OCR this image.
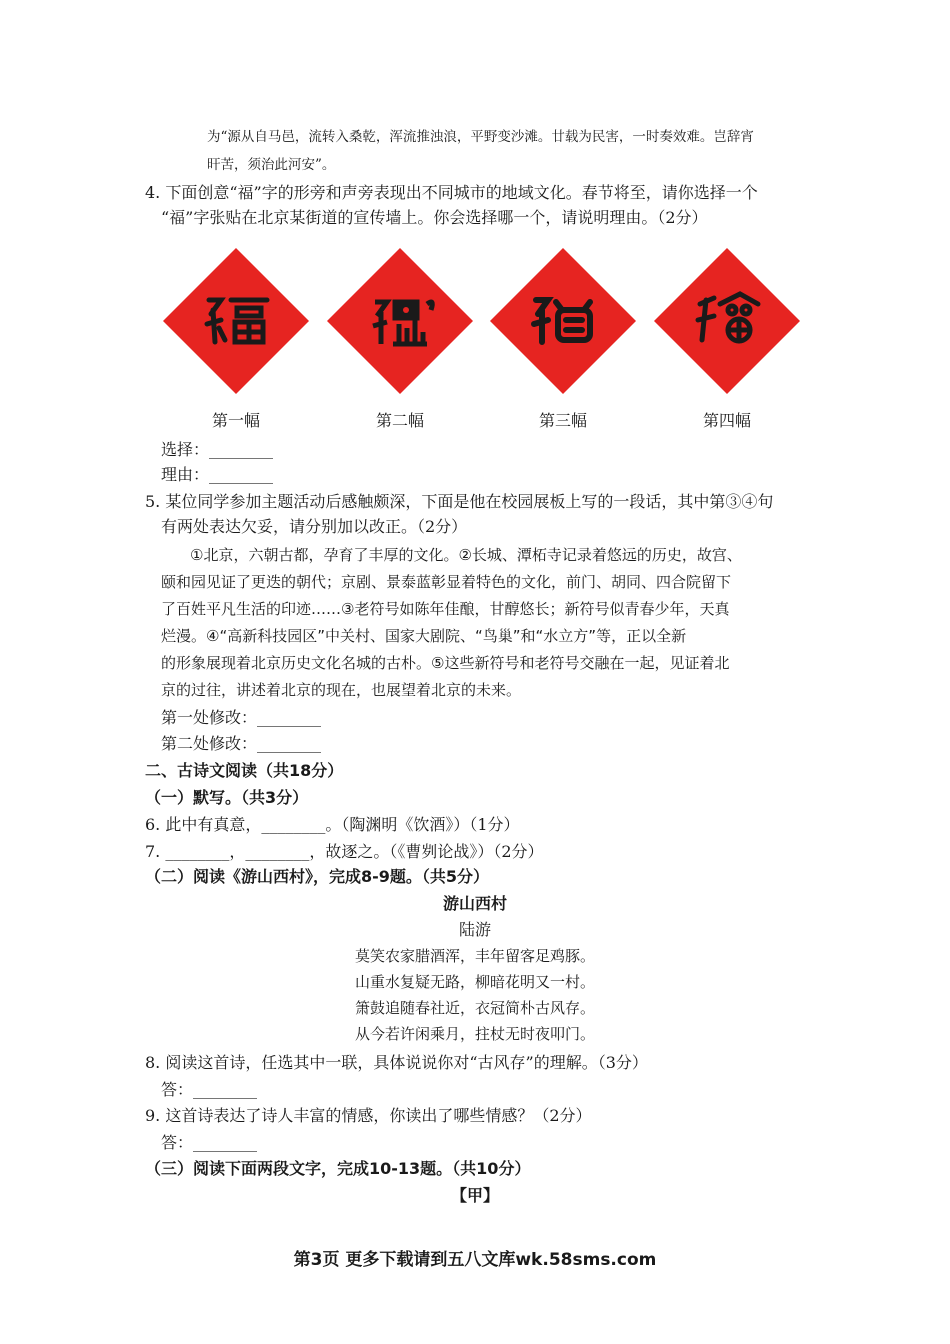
为“源从自马邑，流转入桑乾，浑流推浊浪，平野变沙滩。廿载为民害，一时奏效难。岂辞宵
旰苦，须治此河安”。
4. 下面创意“福”字的形旁和声旁表现出不同城市的地域文化。春节将至，请你选择一个
“福”字张贴在北京某街道的宣传墙上。你会选择哪一个，请说明理由。（2分）
第一幅	第二幅	第三幅	第四幅
选择：________
理由：________
5. 某位同学参加主题活动后感触颇深，下面是他在校园展板上写的一段话，其中第③④句
有两处表达欠妥，请分别加以改正。（2分）
①北京，六朝古都，孕育了丰厚的文化。②长城、潭柘寺记录着悠远的历史，故宫、
颐和园见证了更迭的朝代；京剧、景泰蓝彰显着特色的文化，前门、胡同、四合院留下
了百姓平凡生活的印迹……③老符号如陈年佳酿，甘醇悠长；新符号似青春少年，天真
烂漫。④“高新科技园区”中关村、国家大剧院、“鸟巢”和“水立方”等，正以全新
的形象展现着北京历史文化名城的古朴。⑤这些新符号和老符号交融在一起，见证着北
京的过往，讲述着北京的现在，也展望着北京的未来。
第一处修改：________
第二处修改：________
二、古诗文阅读（共18分）
（一）默写。（共3分）
6. 此中有真意，________。（陶渊明《饮酒》）（1分）
7. ________，________，故逐之。（《曹刿论战》）（2分）
（二）阅读《游山西村》，完成8-9题。（共5分）
游山西村
陆游
莫笑农家腊酒浑，丰年留客足鸡豚。
山重水复疑无路，柳暗花明又一村。
箫鼓追随春社近，衣冠简朴古风存。
从今若许闲乘月，拄杖无时夜叩门。
8. 阅读这首诗，任选其中一联，具体说说你对“古风存”的理解。（3分）
答：________
9. 这首诗表达了诗人丰富的情感，你读出了哪些情感？（2分）
答：________
（三）阅读下面两段文字，完成10-13题。（共10分）
【甲】
第3页 更多下载请到五八文库wk.58sms.com
